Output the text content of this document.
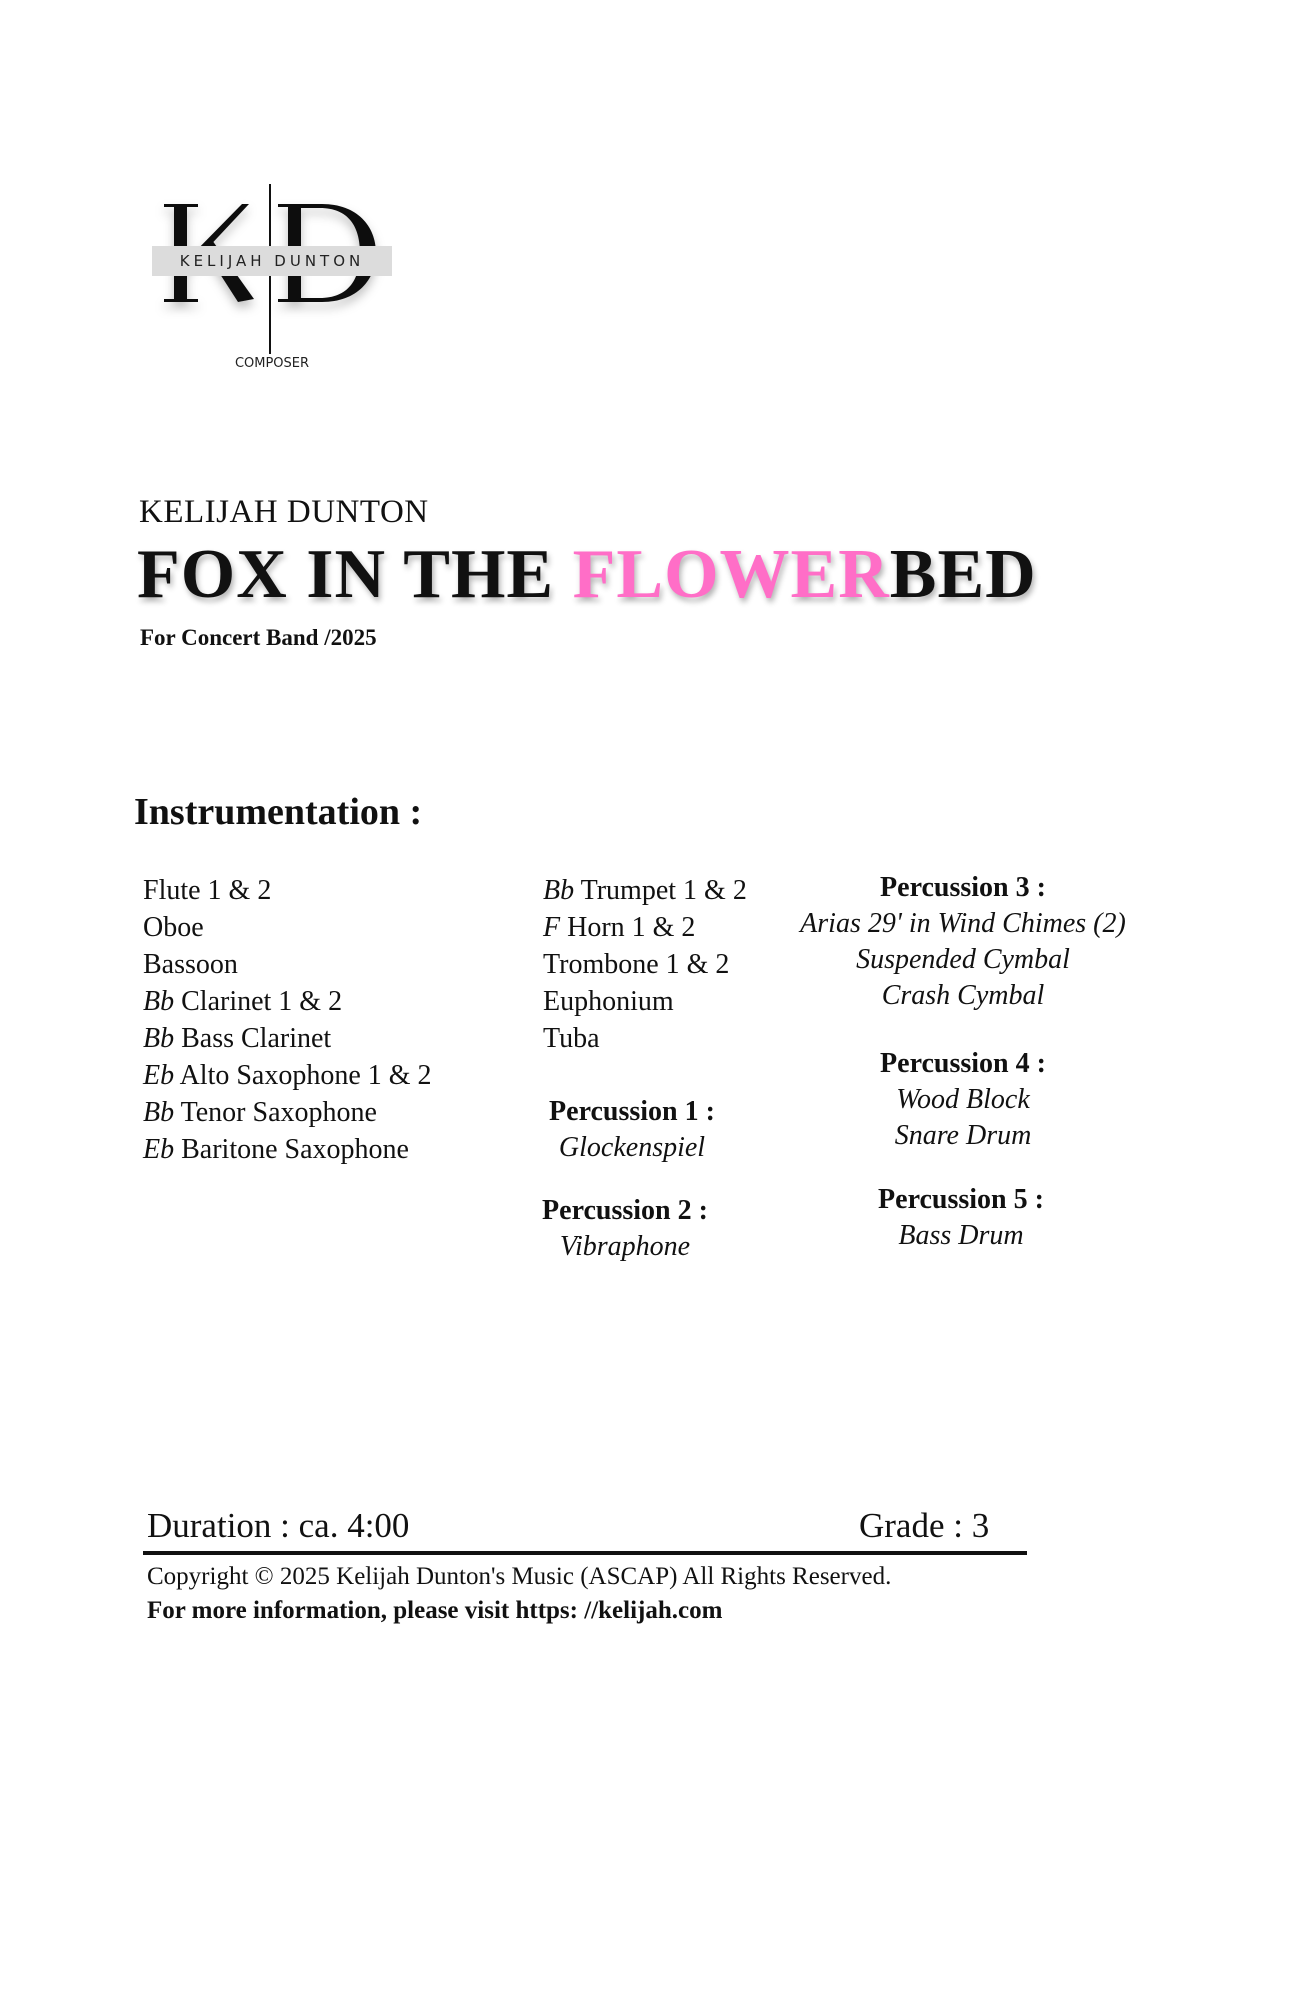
KELIJAH DUNTON
COMPOSER
KELIJAH DUNTON
FOX IN THE FLOWERBED
For Concert Band /2025
Instrumentation :
Flute 1 & 2
Oboe
Bassoon
Bb Clarinet 1 & 2
Bb Bass Clarinet
Eb Alto Saxophone 1 & 2
Bb Tenor Saxophone
Eb Baritone Saxophone
Bb Trumpet 1 & 2
F Horn 1 & 2
Trombone 1 & 2
Euphonium
Tuba
Percussion 1 :
Glockenspiel
Percussion 2 :
Vibraphone
Percussion 3 :
Arias 29' in Wind Chimes (2)
Suspended Cymbal
Crash Cymbal
Percussion 4 :
Wood Block
Snare Drum
Percussion 5 :
Bass Drum
Duration : ca. 4:00	Grade : 3
Copyright © 2025 Kelijah Dunton's Music (ASCAP) All Rights Reserved.
For more information, please visit https: //kelijah.com
